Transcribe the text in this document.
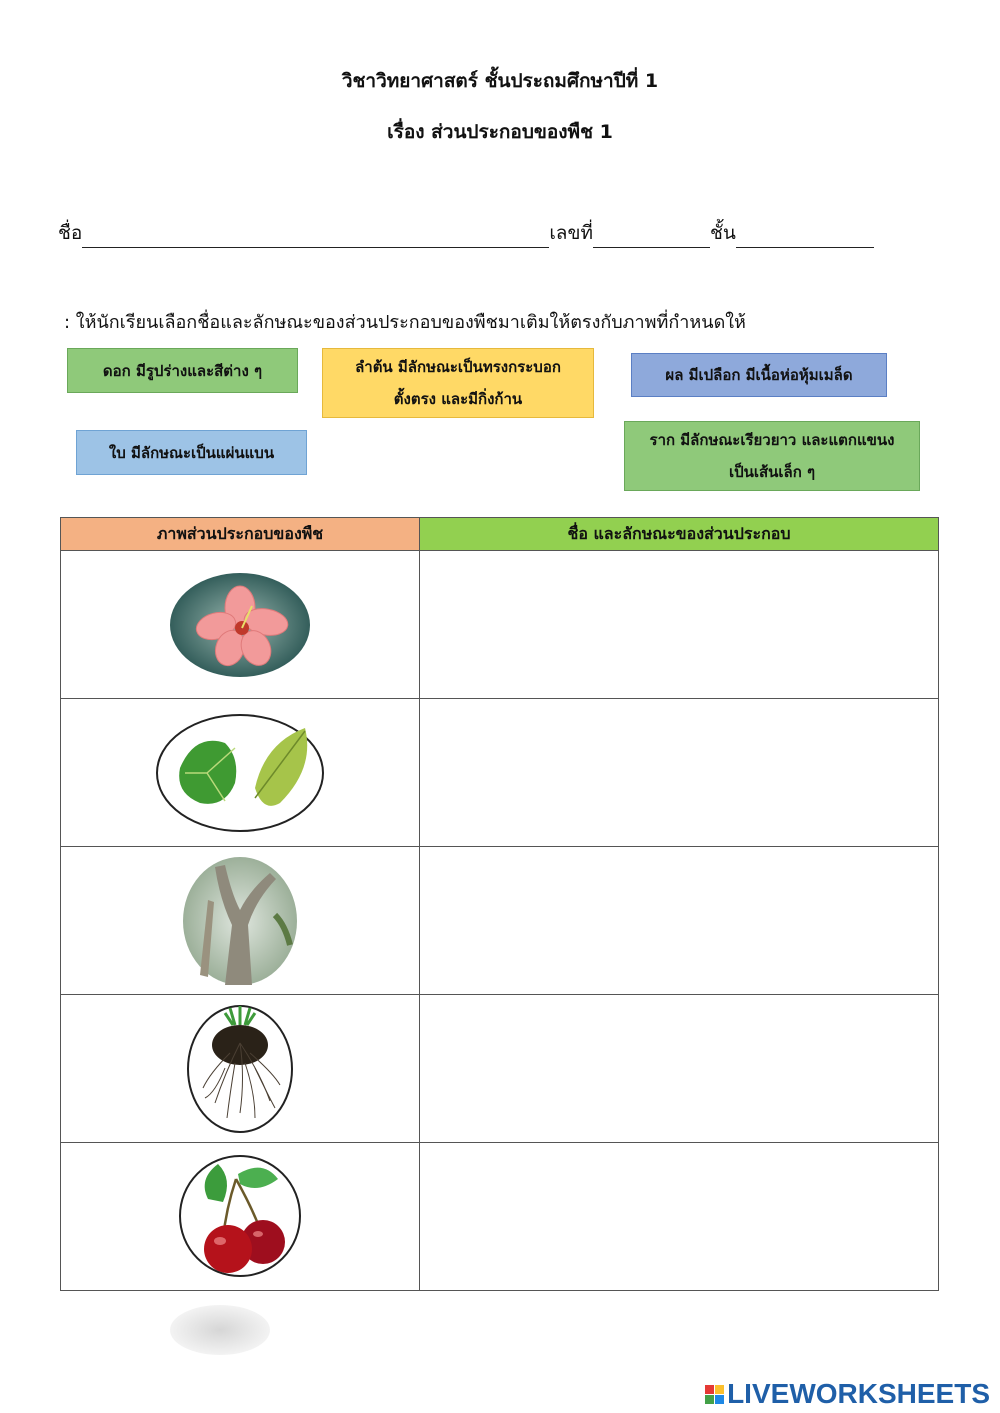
วิชาวิทยาศาสตร์ ชั้นประถมศึกษาปีที่ 1
เรื่อง ส่วนประกอบของพืช 1
ชื่อ	เลขที่	ชั้น
: ให้นักเรียนเลือกชื่อและลักษณะของส่วนประกอบของพืชมาเติมให้ตรงกับภาพที่กำหนดให้
ดอก มีรูปร่างและสีต่าง ๆ	ลำต้น มีลักษณะเป็นทรงกระบอก
ตั้งตรง และมีกิ่งก้าน
ผล มีเปลือก มีเนื้อห่อหุ้มเมล็ด
ใบ มีลักษณะเป็นแผ่นแบน
ราก มีลักษณะเรียวยาว และแตกแขนง
เป็นเส้นเล็ก ๆ
ภาพส่วนประกอบของพืช	ชื่อ และลักษณะของส่วนประกอบ

LIVEWORKSHEETS
